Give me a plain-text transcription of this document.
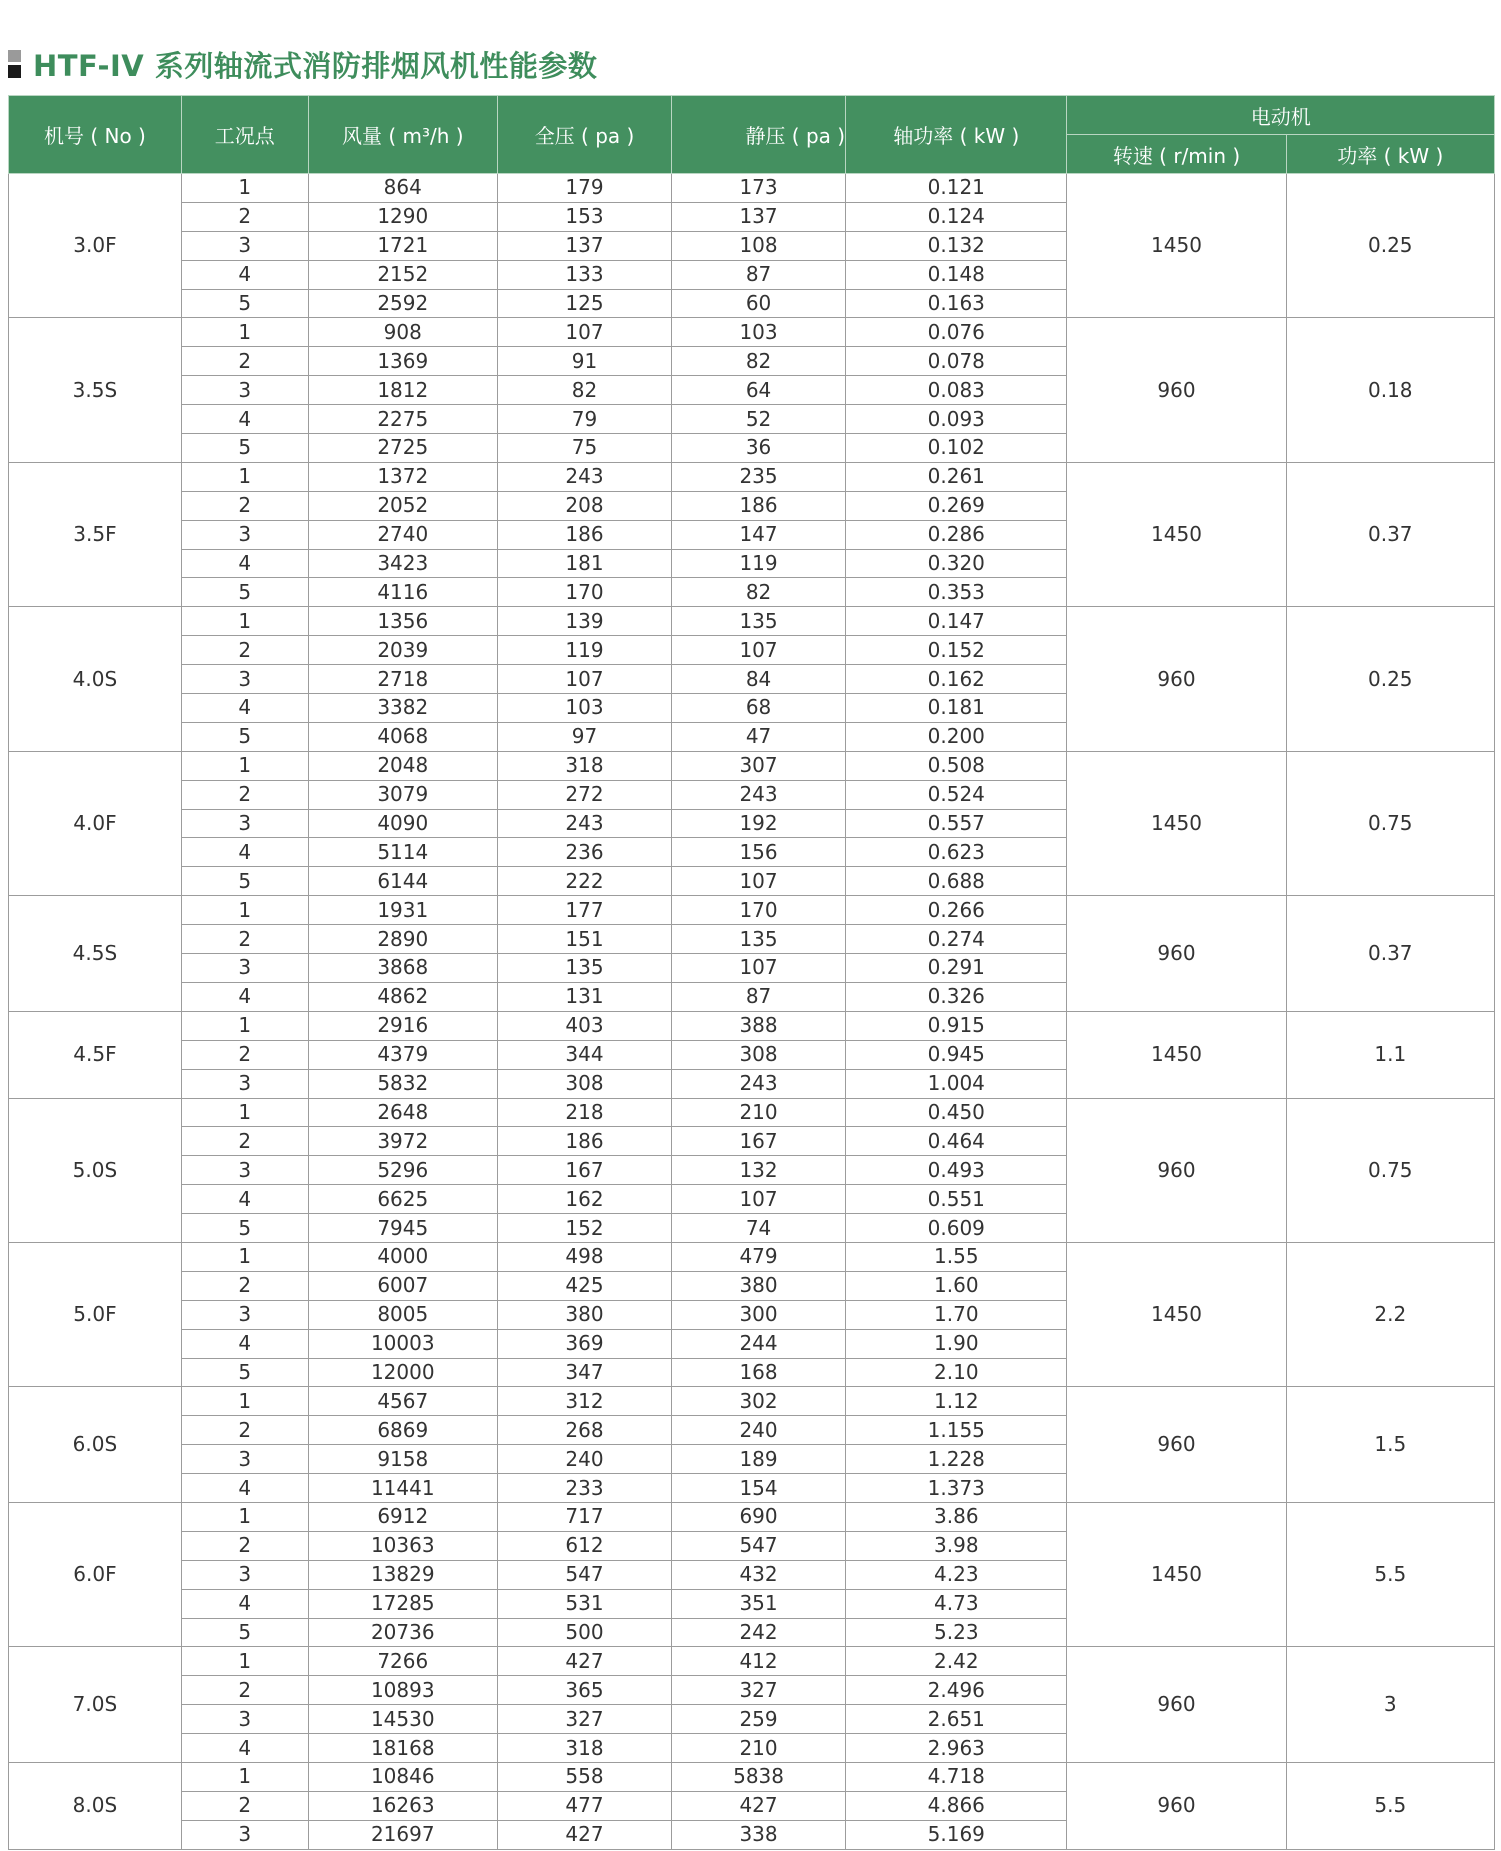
HTF-IV 系列轴流式消防排烟风机性能参数
机号 ( No )	工况点	风量 ( m³/h )	全压 ( pa )	静压 ( pa )	轴功率 ( kW )	电动机	
						转速 ( r/min )	功率 ( kW )
3.0F	1	864	179	173	0.121	1450	0.25
	2	1290	153	137	0.124		
	3	1721	137	108	0.132		
	4	2152	133	87	0.148		
	5	2592	125	60	0.163		
3.5S	1	908	107	103	0.076	960	0.18
	2	1369	91	82	0.078		
	3	1812	82	64	0.083		
	4	2275	79	52	0.093		
	5	2725	75	36	0.102		
3.5F	1	1372	243	235	0.261	1450	0.37
	2	2052	208	186	0.269		
	3	2740	186	147	0.286		
	4	3423	181	119	0.320		
	5	4116	170	82	0.353		
4.0S	1	1356	139	135	0.147	960	0.25
	2	2039	119	107	0.152		
	3	2718	107	84	0.162		
	4	3382	103	68	0.181		
	5	4068	97	47	0.200		
4.0F	1	2048	318	307	0.508	1450	0.75
	2	3079	272	243	0.524		
	3	4090	243	192	0.557		
	4	5114	236	156	0.623		
	5	6144	222	107	0.688		
4.5S	1	1931	177	170	0.266	960	0.37
	2	2890	151	135	0.274		
	3	3868	135	107	0.291		
	4	4862	131	87	0.326		
4.5F	1	2916	403	388	0.915	1450	1.1
	2	4379	344	308	0.945		
	3	5832	308	243	1.004		
5.0S	1	2648	218	210	0.450	960	0.75
	2	3972	186	167	0.464		
	3	5296	167	132	0.493		
	4	6625	162	107	0.551		
	5	7945	152	74	0.609		
5.0F	1	4000	498	479	1.55	1450	2.2
	2	6007	425	380	1.60		
	3	8005	380	300	1.70		
	4	10003	369	244	1.90		
	5	12000	347	168	2.10		
6.0S	1	4567	312	302	1.12	960	1.5
	2	6869	268	240	1.155		
	3	9158	240	189	1.228		
	4	11441	233	154	1.373		
6.0F	1	6912	717	690	3.86	1450	5.5
	2	10363	612	547	3.98		
	3	13829	547	432	4.23		
	4	17285	531	351	4.73		
	5	20736	500	242	5.23		
7.0S	1	7266	427	412	2.42	960	3
	2	10893	365	327	2.496		
	3	14530	327	259	2.651		
	4	18168	318	210	2.963		
8.0S	1	10846	558	5838	4.718	960	5.5
	2	16263	477	427	4.866		
	3	21697	427	338	5.169		
